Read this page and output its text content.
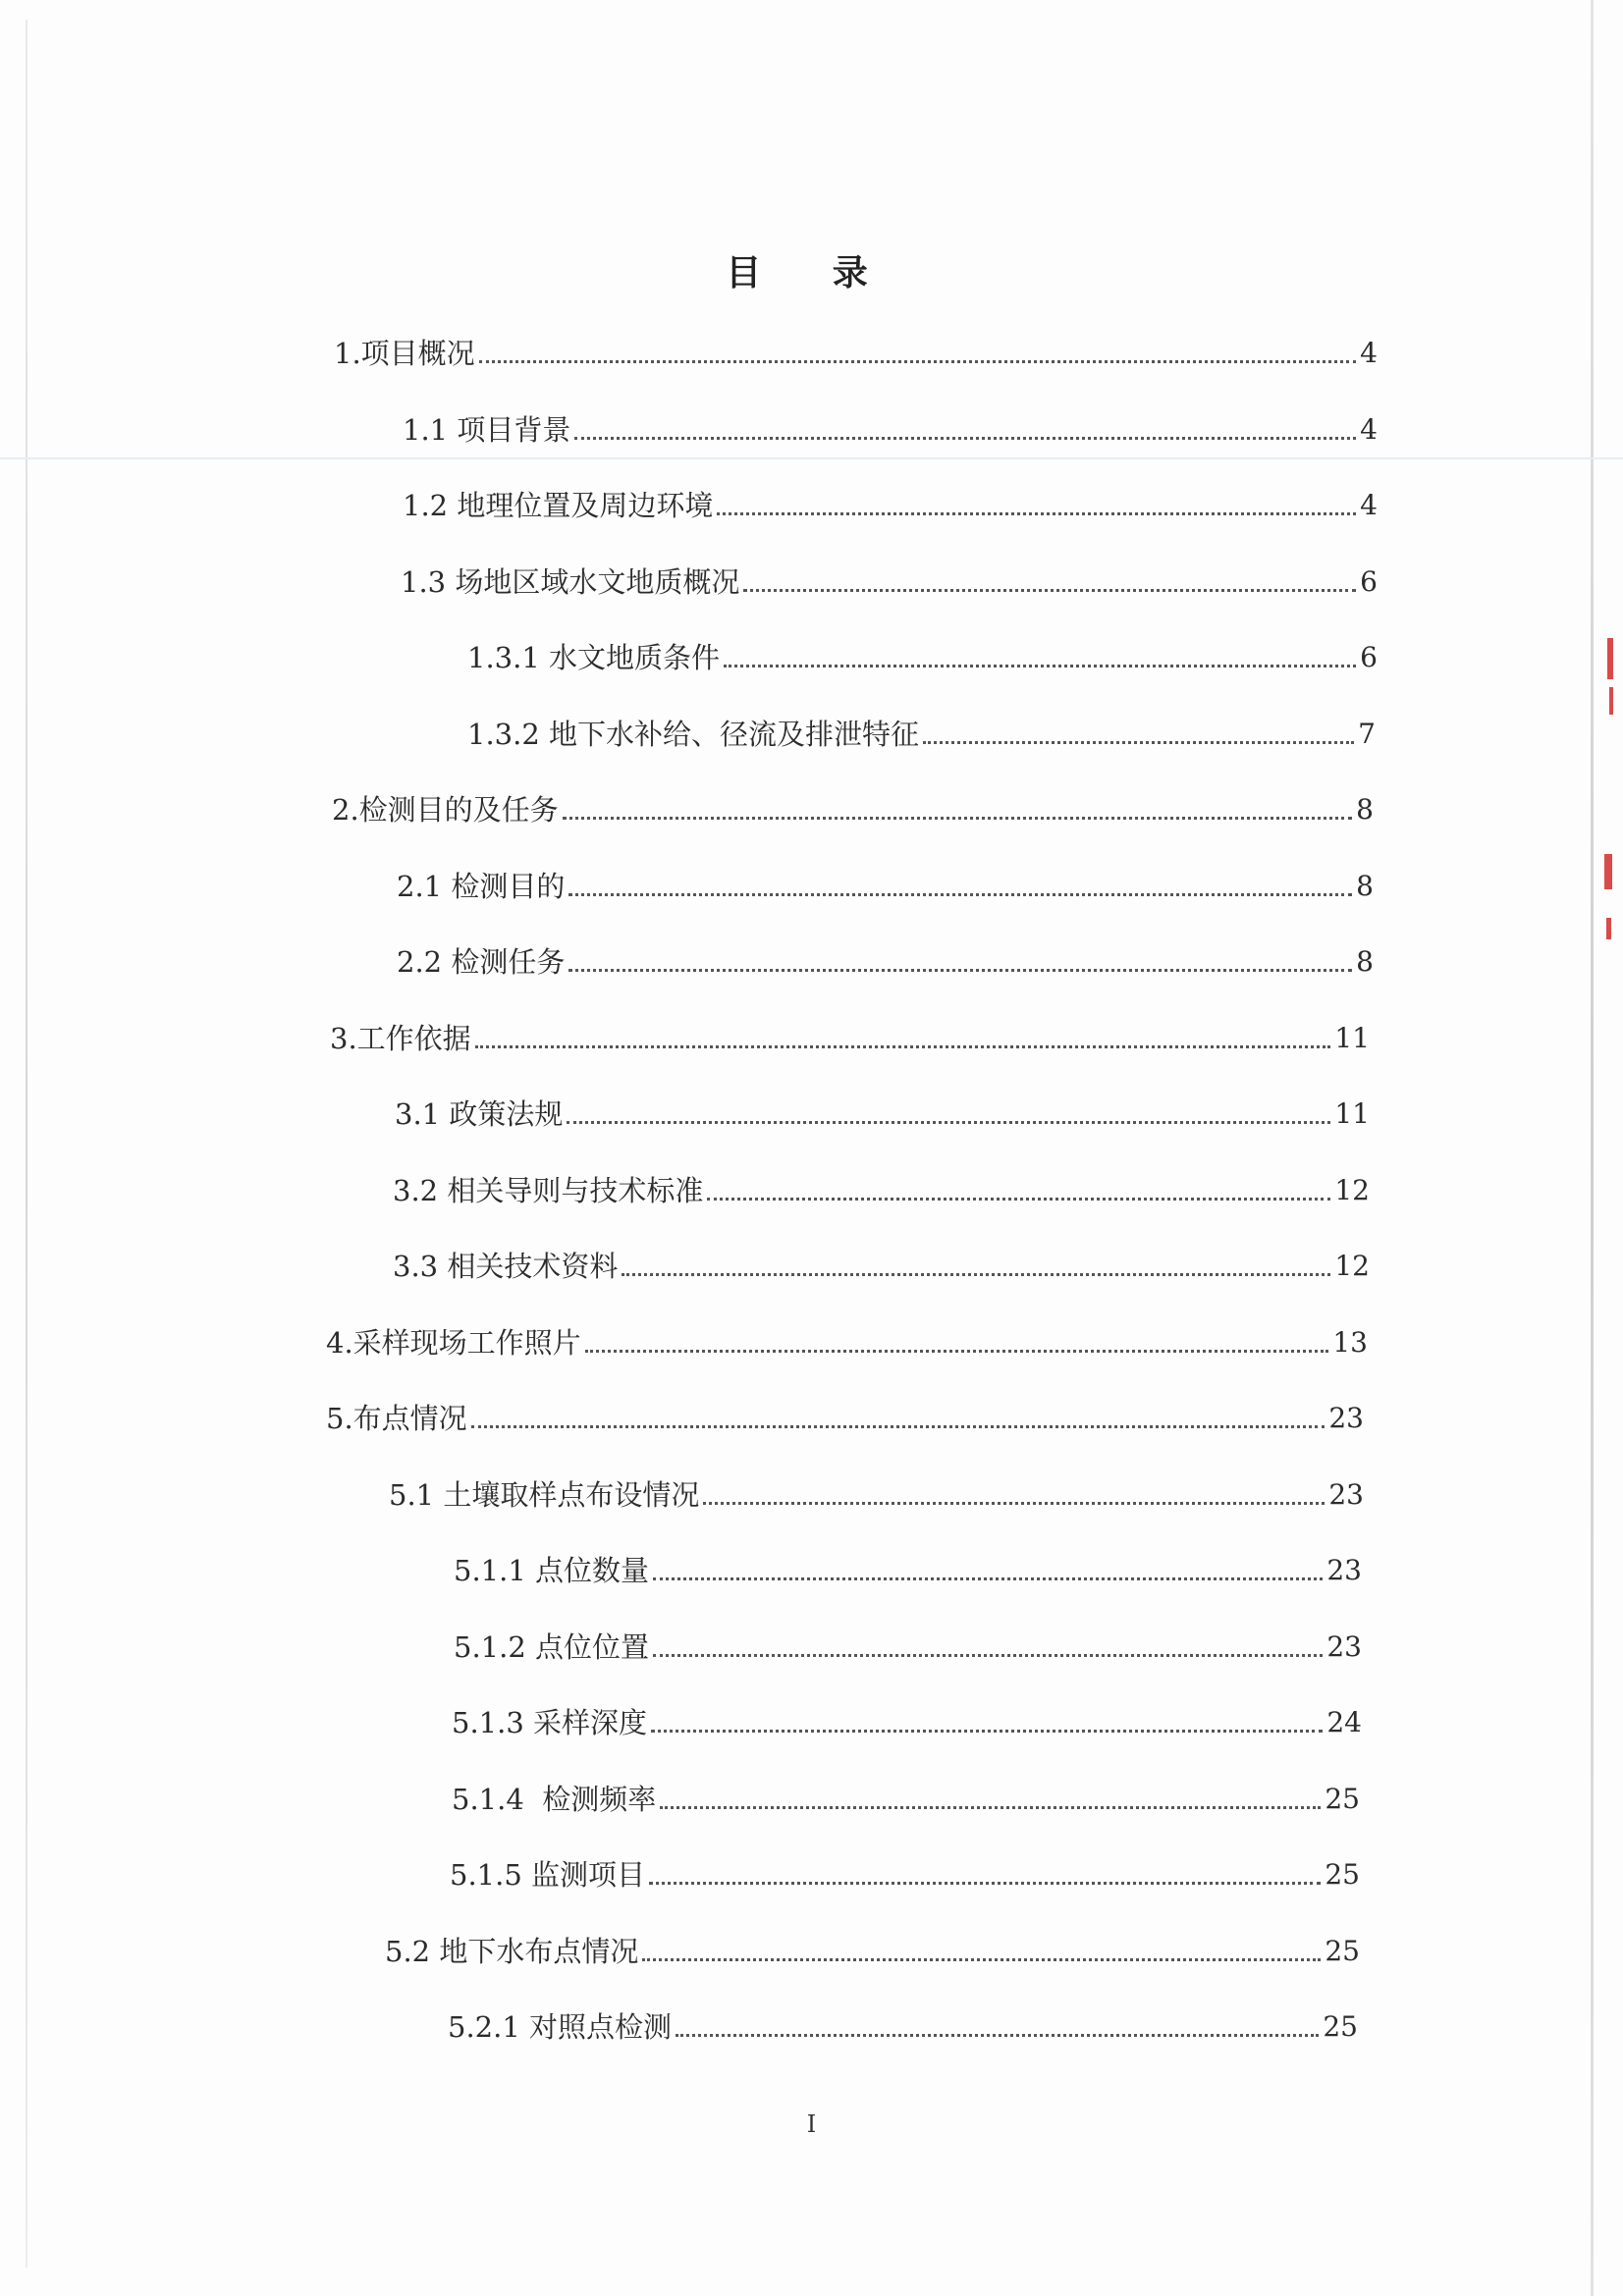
目 录
1.项目概况	4
1.1 项目背景	4
1.2 地理位置及周边环境	4
1.3 场地区域水文地质概况	6
1.3.1 水文地质条件	6
1.3.2 地下水补给、径流及排泄特征	7
2.检测目的及任务	8
2.1 检测目的	8
2.2 检测任务	8
3.工作依据	11
3.1 政策法规	11
3.2 相关导则与技术标准	12
3.3 相关技术资料	12
4.采样现场工作照片	13
5.布点情况	23
5.1 土壤取样点布设情况	23
5.1.1 点位数量	23
5.1.2 点位位置	23
5.1.3 采样深度	24
5.1.4  检测频率	25
5.1.5 监测项目	25
5.2 地下水布点情况	25
5.2.1 对照点检测	25
I
